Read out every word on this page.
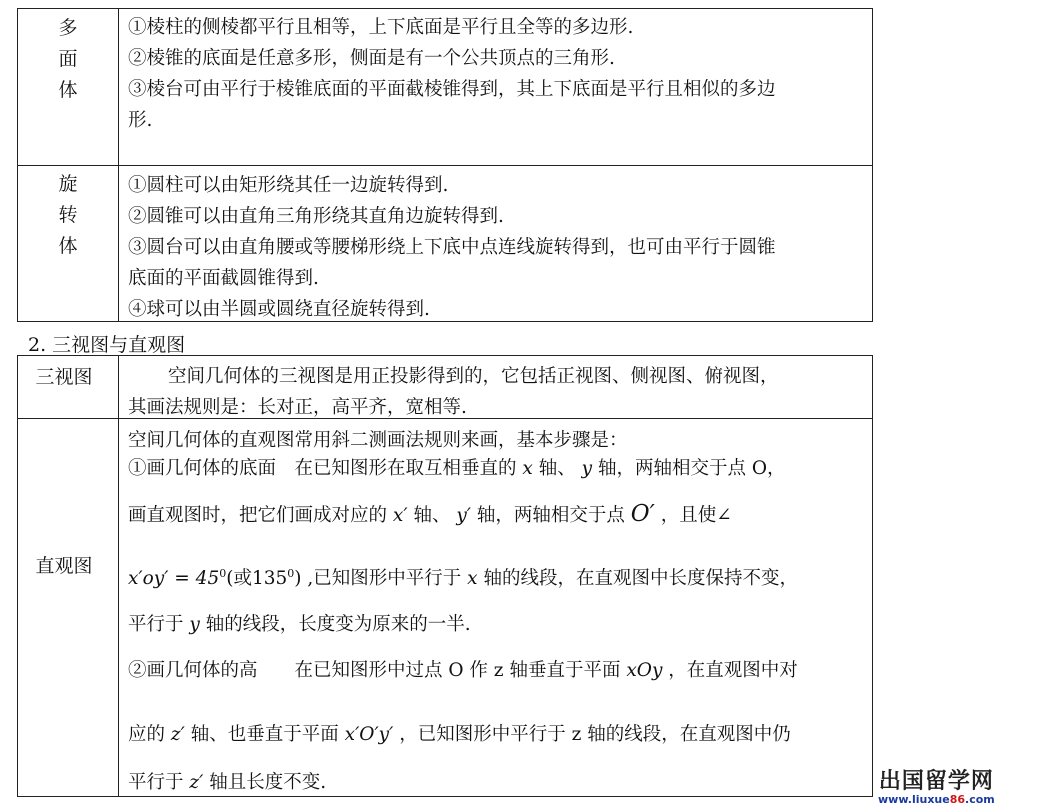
多
面
体
①棱柱的侧棱都平行且相等，上下底面是平行且全等的多边形.
②棱锥的底面是任意多形，侧面是有一个公共顶点的三角形.
③棱台可由平行于棱锥底面的平面截棱锥得到，其上下底面是平行且相似的多边
形.
旋
转
体
①圆柱可以由矩形绕其任一边旋转得到.
②圆锥可以由直角三角形绕其直角边旋转得到.
③圆台可以由直角腰或等腰梯形绕上下底中点连线旋转得到，也可由平行于圆锥
底面的平面截圆锥得到.
④球可以由半圆或圆绕直径旋转得到.
2. 三视图与直观图
三视图	空间几何体的三视图是用正投影得到的，它包括正视图、侧视图、俯视图，
其画法规则是：长对正，高平齐，宽相等.
直观图
空间几何体的直观图常用斜二测画法规则来画，基本步骤是：
①画几何体的底面　在已知图形在取互相垂直的 x 轴、 y 轴，两轴相交于点 O，
画直观图时，把它们画成对应的 x′ 轴、 y′ 轴，两轴相交于点 O′ ，且使∠
$x'oy' = 45^0$(或$135^0$) ,已知图形中平行于 x 轴的线段，在直观图中长度保持不变，
平行于 y 轴的线段，长度变为原来的一半.
②画几何体的高　　在已知图形中过点 O 作 z 轴垂直于平面 xOy ，在直观图中对
应的 z′ 轴、也垂直于平面 x′O′y′ ，已知图形中平行于 z 轴的线段，在直观图中仍
平行于 z′ 轴且长度不变.	出国留学网
www.liuxue86.com
